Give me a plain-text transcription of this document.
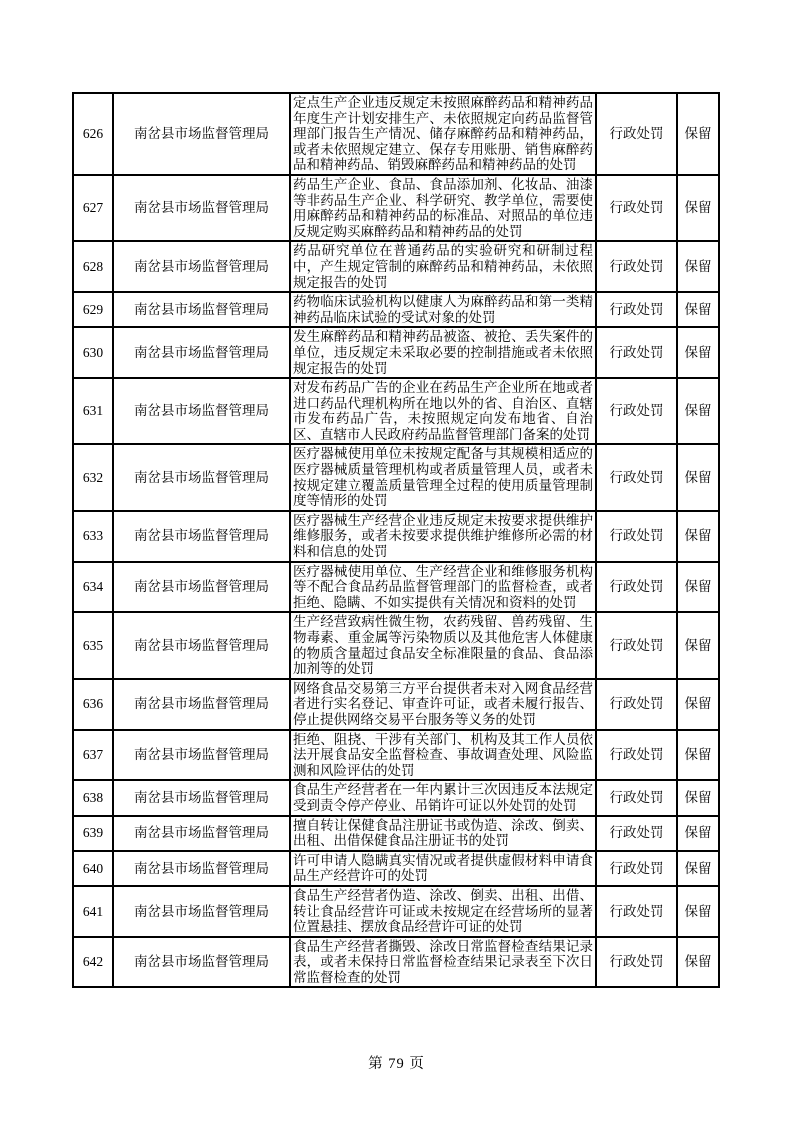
626	南岔县市场监督管理局	定点生产企业违反规定未按照麻醉药品和精神药品年度生产计划安排生产、未依照规定向药品监督管理部门报告生产情况、储存麻醉药品和精神药品，或者未依照规定建立、保存专用账册、销售麻醉药品和精神药品、销毁麻醉药品和精神药品的处罚	行政处罚	保留
627	南岔县市场监督管理局	药品生产企业、食品、食品添加剂、化妆品、油漆等非药品生产企业、科学研究、教学单位，需要使用麻醉药品和精神药品的标准品、对照品的单位违反规定购买麻醉药品和精神药品的处罚	行政处罚	保留
628	南岔县市场监督管理局	药品研究单位在普通药品的实验研究和研制过程中，产生规定管制的麻醉药品和精神药品，未依照规定报告的处罚	行政处罚	保留
629	南岔县市场监督管理局	药物临床试验机构以健康人为麻醉药品和第一类精神药品临床试验的受试对象的处罚	行政处罚	保留
630	南岔县市场监督管理局	发生麻醉药品和精神药品被盗、被抢、丢失案件的单位，违反规定未采取必要的控制措施或者未依照规定报告的处罚	行政处罚	保留
631	南岔县市场监督管理局	对发布药品广告的企业在药品生产企业所在地或者进口药品代理机构所在地以外的省、自治区、直辖市发布药品广告，未按照规定向发布地省、自治区、直辖市人民政府药品监督管理部门备案的处罚	行政处罚	保留
632	南岔县市场监督管理局	医疗器械使用单位未按规定配备与其规模相适应的医疗器械质量管理机构或者质量管理人员，或者未按规定建立覆盖质量管理全过程的使用质量管理制度等情形的处罚	行政处罚	保留
633	南岔县市场监督管理局	医疗器械生产经营企业违反规定未按要求提供维护维修服务，或者未按要求提供维护维修所必需的材料和信息的处罚	行政处罚	保留
634	南岔县市场监督管理局	医疗器械使用单位、生产经营企业和维修服务机构等不配合食品药品监督管理部门的监督检查，或者拒绝、隐瞒、不如实提供有关情况和资料的处罚	行政处罚	保留
635	南岔县市场监督管理局	生产经营致病性微生物，农药残留、兽药残留、生物毒素、重金属等污染物质以及其他危害人体健康的物质含量超过食品安全标准限量的食品、食品添加剂等的处罚	行政处罚	保留
636	南岔县市场监督管理局	网络食品交易第三方平台提供者未对入网食品经营者进行实名登记、审查许可证，或者未履行报告、停止提供网络交易平台服务等义务的处罚	行政处罚	保留
637	南岔县市场监督管理局	拒绝、阻挠、干涉有关部门、机构及其工作人员依法开展食品安全监督检查、事故调查处理、风险监测和风险评估的处罚	行政处罚	保留
638	南岔县市场监督管理局	食品生产经营者在一年内累计三次因违反本法规定受到责令停产停业、吊销许可证以外处罚的处罚	行政处罚	保留
639	南岔县市场监督管理局	擅自转让保健食品注册证书或伪造、涂改、倒卖、出租、出借保健食品注册证书的处罚	行政处罚	保留
640	南岔县市场监督管理局	许可申请人隐瞒真实情况或者提供虚假材料申请食品生产经营许可的处罚	行政处罚	保留
641	南岔县市场监督管理局	食品生产经营者伪造、涂改、倒卖、出租、出借、转让食品经营许可证或未按规定在经营场所的显著位置悬挂、摆放食品经营许可证的处罚	行政处罚	保留
642	南岔县市场监督管理局	食品生产经营者撕毁、涂改日常监督检查结果记录表，或者未保持日常监督检查结果记录表至下次日常监督检查的处罚	行政处罚	保留
第 79 页
